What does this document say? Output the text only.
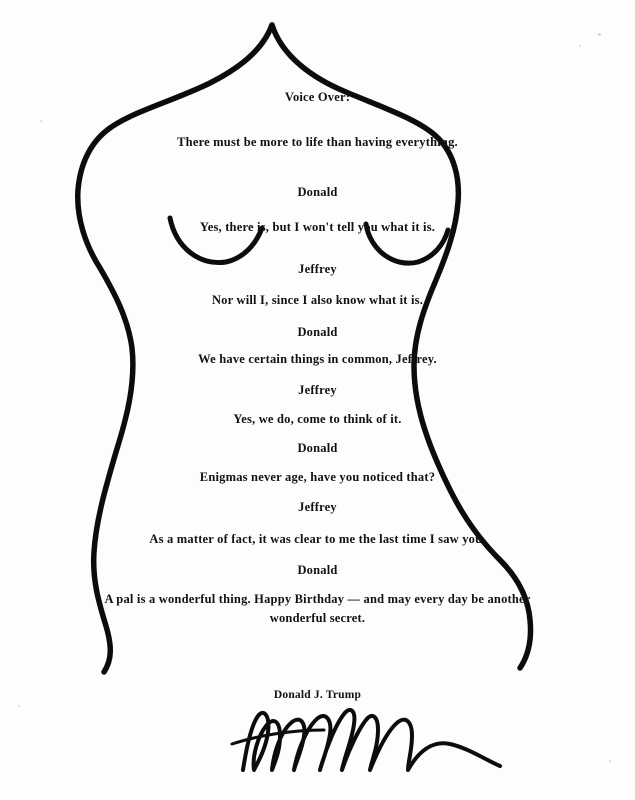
Voice Over:
There must be more to life than having everything.
Donald
Yes, there is, but I won't tell you what it is.
Jeffrey
Nor will I, since I also know what it is.
Donald
We have certain things in common, Jeffrey.
Jeffrey
Yes, we do, come to think of it.
Donald
Enigmas never age, have you noticed that?
Jeffrey
As a matter of fact, it was clear to me the last time I saw you.
Donald
A pal is a wonderful thing. Happy Birthday — and may every day be another
wonderful secret.
Donald J. Trump
